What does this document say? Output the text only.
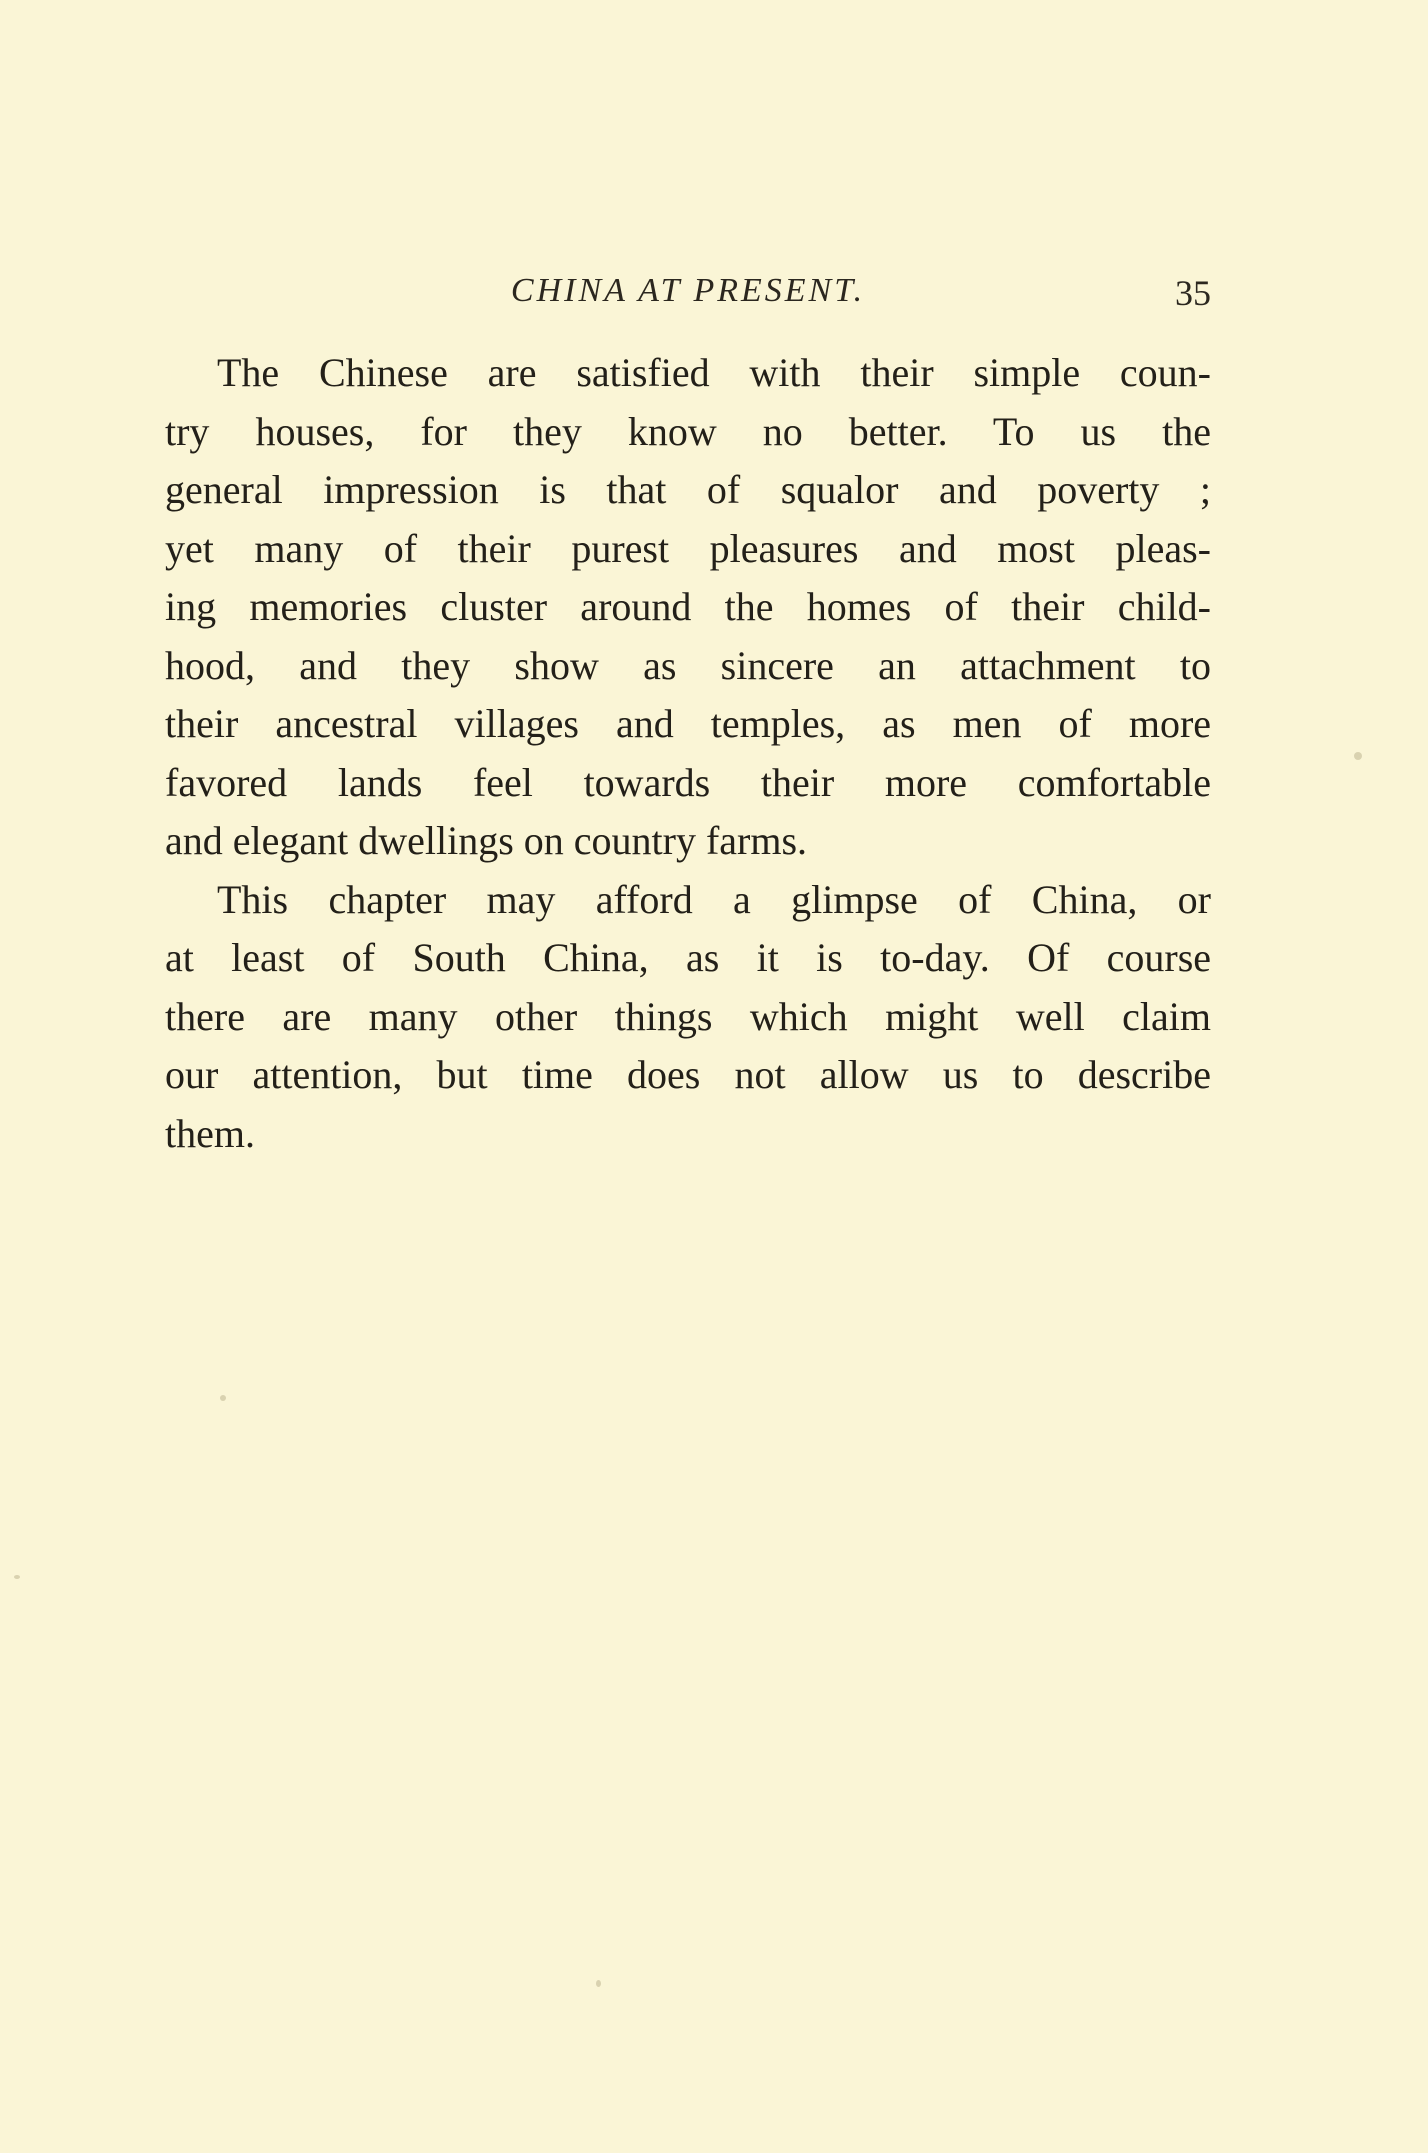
CHINA AT PRESENT.	35

The Chinese are satisfied with their simple coun-
try houses, for they know no better. To us the
general impression is that of squalor and poverty ;
yet many of their purest pleasures and most pleas-
ing memories cluster around the homes of their child-
hood, and they show as sincere an attachment to
their ancestral villages and temples, as men of more
favored lands feel towards their more comfortable
and elegant dwellings on country farms.

This chapter may afford a glimpse of China, or
at least of South China, as it is to-day. Of course
there are many other things which might well claim
our attention, but time does not allow us to describe
them.
